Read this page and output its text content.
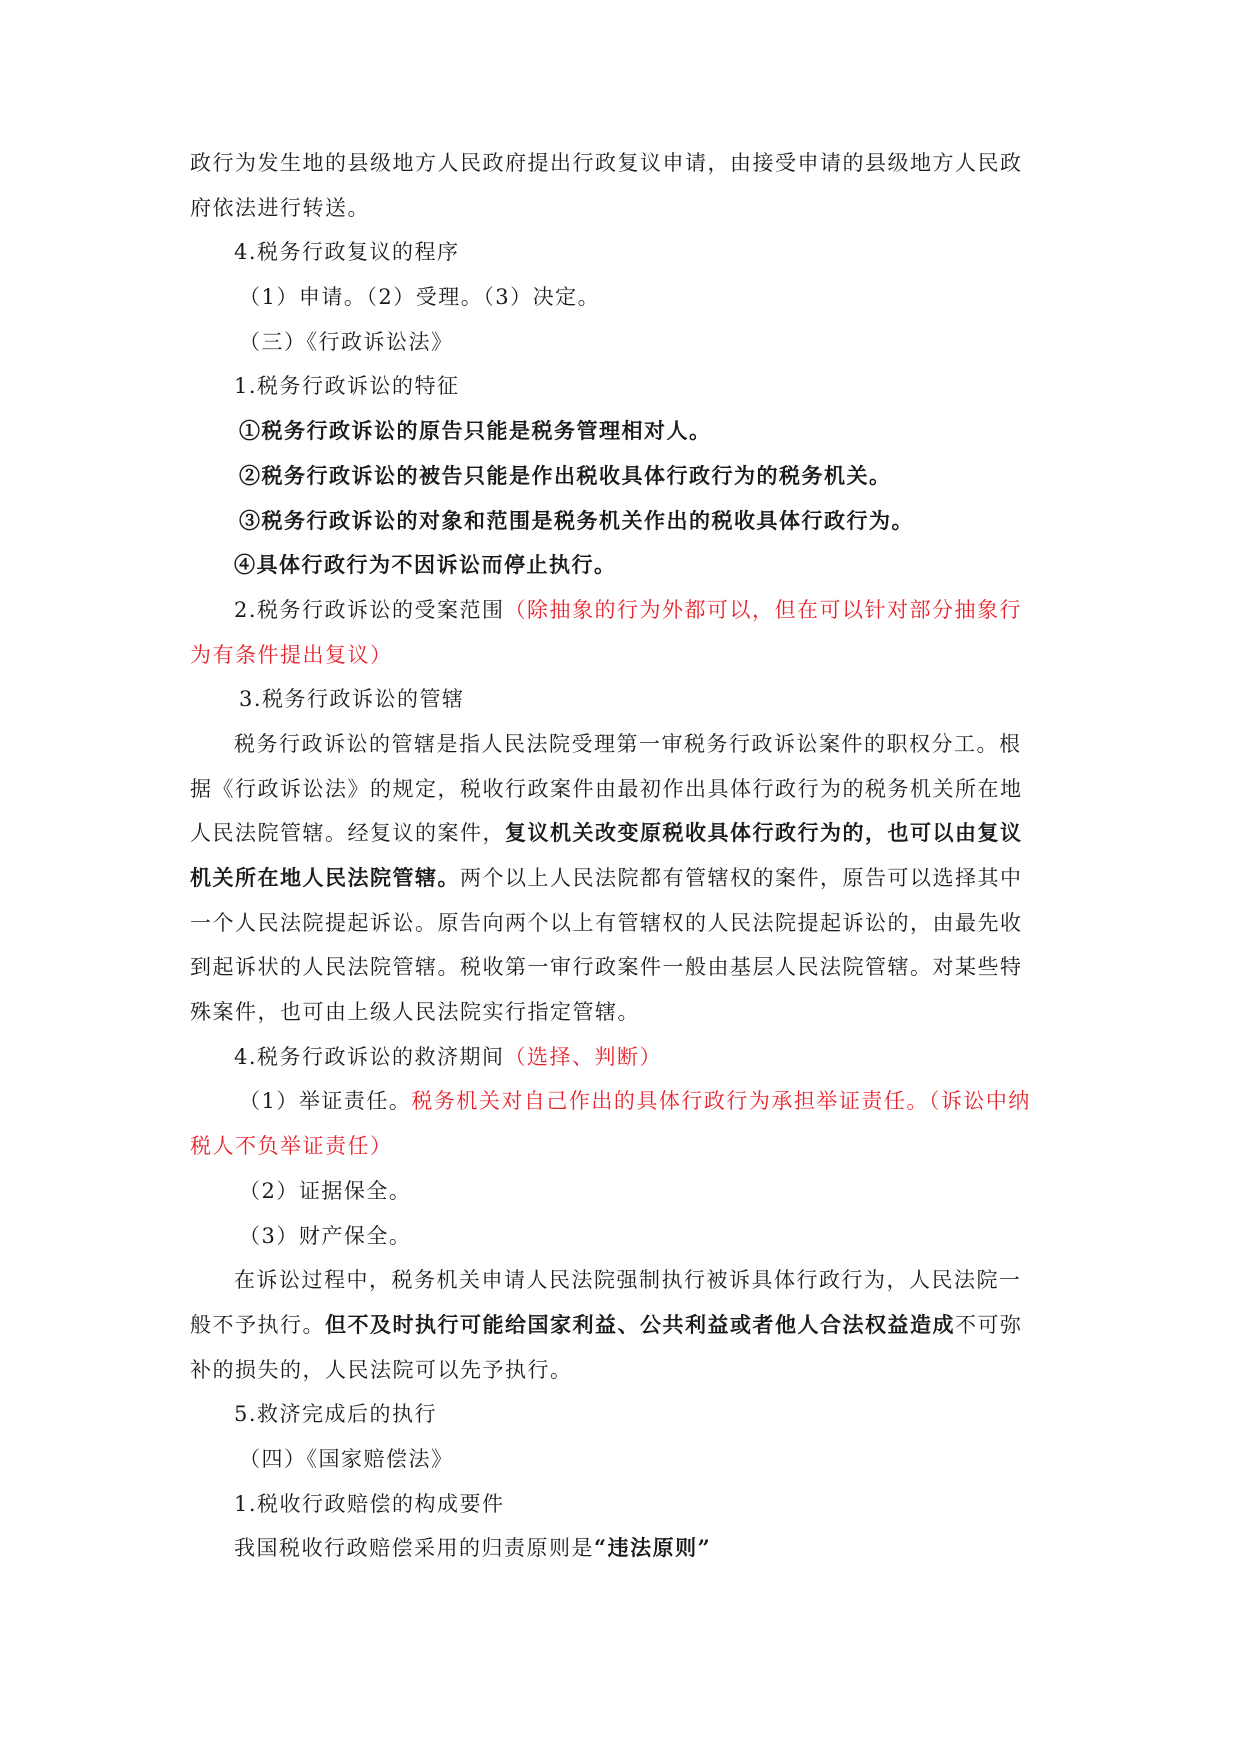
政行为发生地的县级地方人民政府提出行政复议申请，由接受申请的县级地方人民政
府依法进行转送。
4.税务行政复议的程序
（1）申请。（2）受理。（3）决定。
（三）《行政诉讼法》
1.税务行政诉讼的特征
①税务行政诉讼的原告只能是税务管理相对人。
②税务行政诉讼的被告只能是作出税收具体行政行为的税务机关。
③税务行政诉讼的对象和范围是税务机关作出的税收具体行政行为。
④具体行政行为不因诉讼而停止执行。
2.税务行政诉讼的受案范围（除抽象的行为外都可以，但在可以针对部分抽象行
为有条件提出复议）
3.税务行政诉讼的管辖
税务行政诉讼的管辖是指人民法院受理第一审税务行政诉讼案件的职权分工。根
据《行政诉讼法》的规定，税收行政案件由最初作出具体行政行为的税务机关所在地
人民法院管辖。经复议的案件，复议机关改变原税收具体行政行为的，也可以由复议
机关所在地人民法院管辖。两个以上人民法院都有管辖权的案件，原告可以选择其中
一个人民法院提起诉讼。原告向两个以上有管辖权的人民法院提起诉讼的，由最先收
到起诉状的人民法院管辖。税收第一审行政案件一般由基层人民法院管辖。对某些特
殊案件，也可由上级人民法院实行指定管辖。
4.税务行政诉讼的救济期间（选择、判断）
（1）举证责任。税务机关对自己作出的具体行政行为承担举证责任。（诉讼中纳
税人不负举证责任）
（2）证据保全。
（3）财产保全。
在诉讼过程中，税务机关申请人民法院强制执行被诉具体行政行为，人民法院一
般不予执行。但不及时执行可能给国家利益、公共利益或者他人合法权益造成不可弥
补的损失的，人民法院可以先予执行。
5.救济完成后的执行
（四）《国家赔偿法》
1.税收行政赔偿的构成要件
我国税收行政赔偿采用的归责原则是“违法原则”
